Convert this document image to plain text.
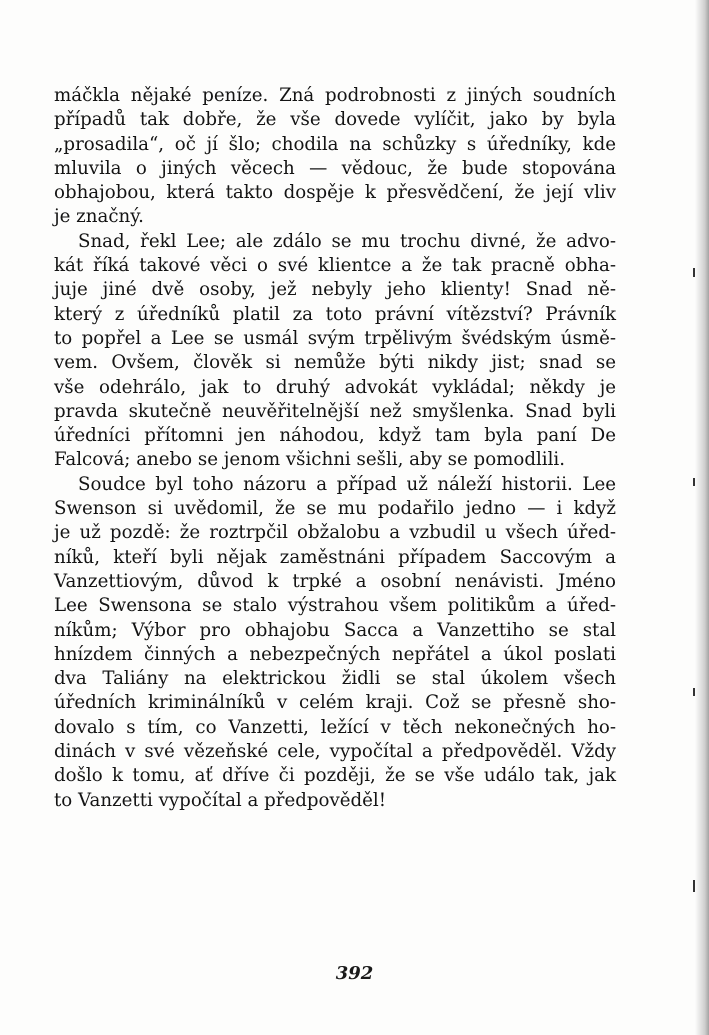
máčkla nějaké peníze. Zná podrobnosti z jiných soudních
případů tak dobře, že vše dovede vylíčit, jako by byla
„prosadila“, oč jí šlo; chodila na schůzky s úředníky, kde
mluvila o jiných věcech — vědouc, že bude stopována
obhajobou, která takto dospěje k přesvědčení, že její vliv
je značný.
Snad, řekl Lee; ale zdálo se mu trochu divné, že advo-
kát říká takové věci o své klientce a že tak pracně obha-
juje jiné dvě osoby, jež nebyly jeho klienty! Snad ně-
který z úředníků platil za toto právní vítězství? Právník
to popřel a Lee se usmál svým trpělivým švédským úsmě-
vem. Ovšem, člověk si nemůže býti nikdy jist; snad se
vše odehrálo, jak to druhý advokát vykládal; někdy je
pravda skutečně neuvěřitelnější než smyšlenka. Snad byli
úředníci přítomni jen náhodou, když tam byla paní De
Falcová; anebo se jenom všichni sešli, aby se pomodlili.
Soudce byl toho názoru a případ už náleží historii. Lee
Swenson si uvědomil, že se mu podařilo jedno — i když
je už pozdě: že roztrpčil obžalobu a vzbudil u všech úřed-
níků, kteří byli nějak zaměstnáni případem Saccovým a
Vanzettiovým, důvod k trpké a osobní nenávisti. Jméno
Lee Swensona se stalo výstrahou všem politikům a úřed-
níkům; Výbor pro obhajobu Sacca a Vanzettiho se stal
hnízdem činných a nebezpečných nepřátel a úkol poslati
dva Taliány na elektrickou židli se stal úkolem všech
úředních kriminálníků v celém kraji. Což se přesně sho-
dovalo s tím, co Vanzetti, ležící v těch nekonečných ho-
dinách v své vězeňské cele, vypočítal a předpověděl. Vždy
došlo k tomu, ať dříve či později, že se vše událo tak, jak
to Vanzetti vypočítal a předpověděl!
392
